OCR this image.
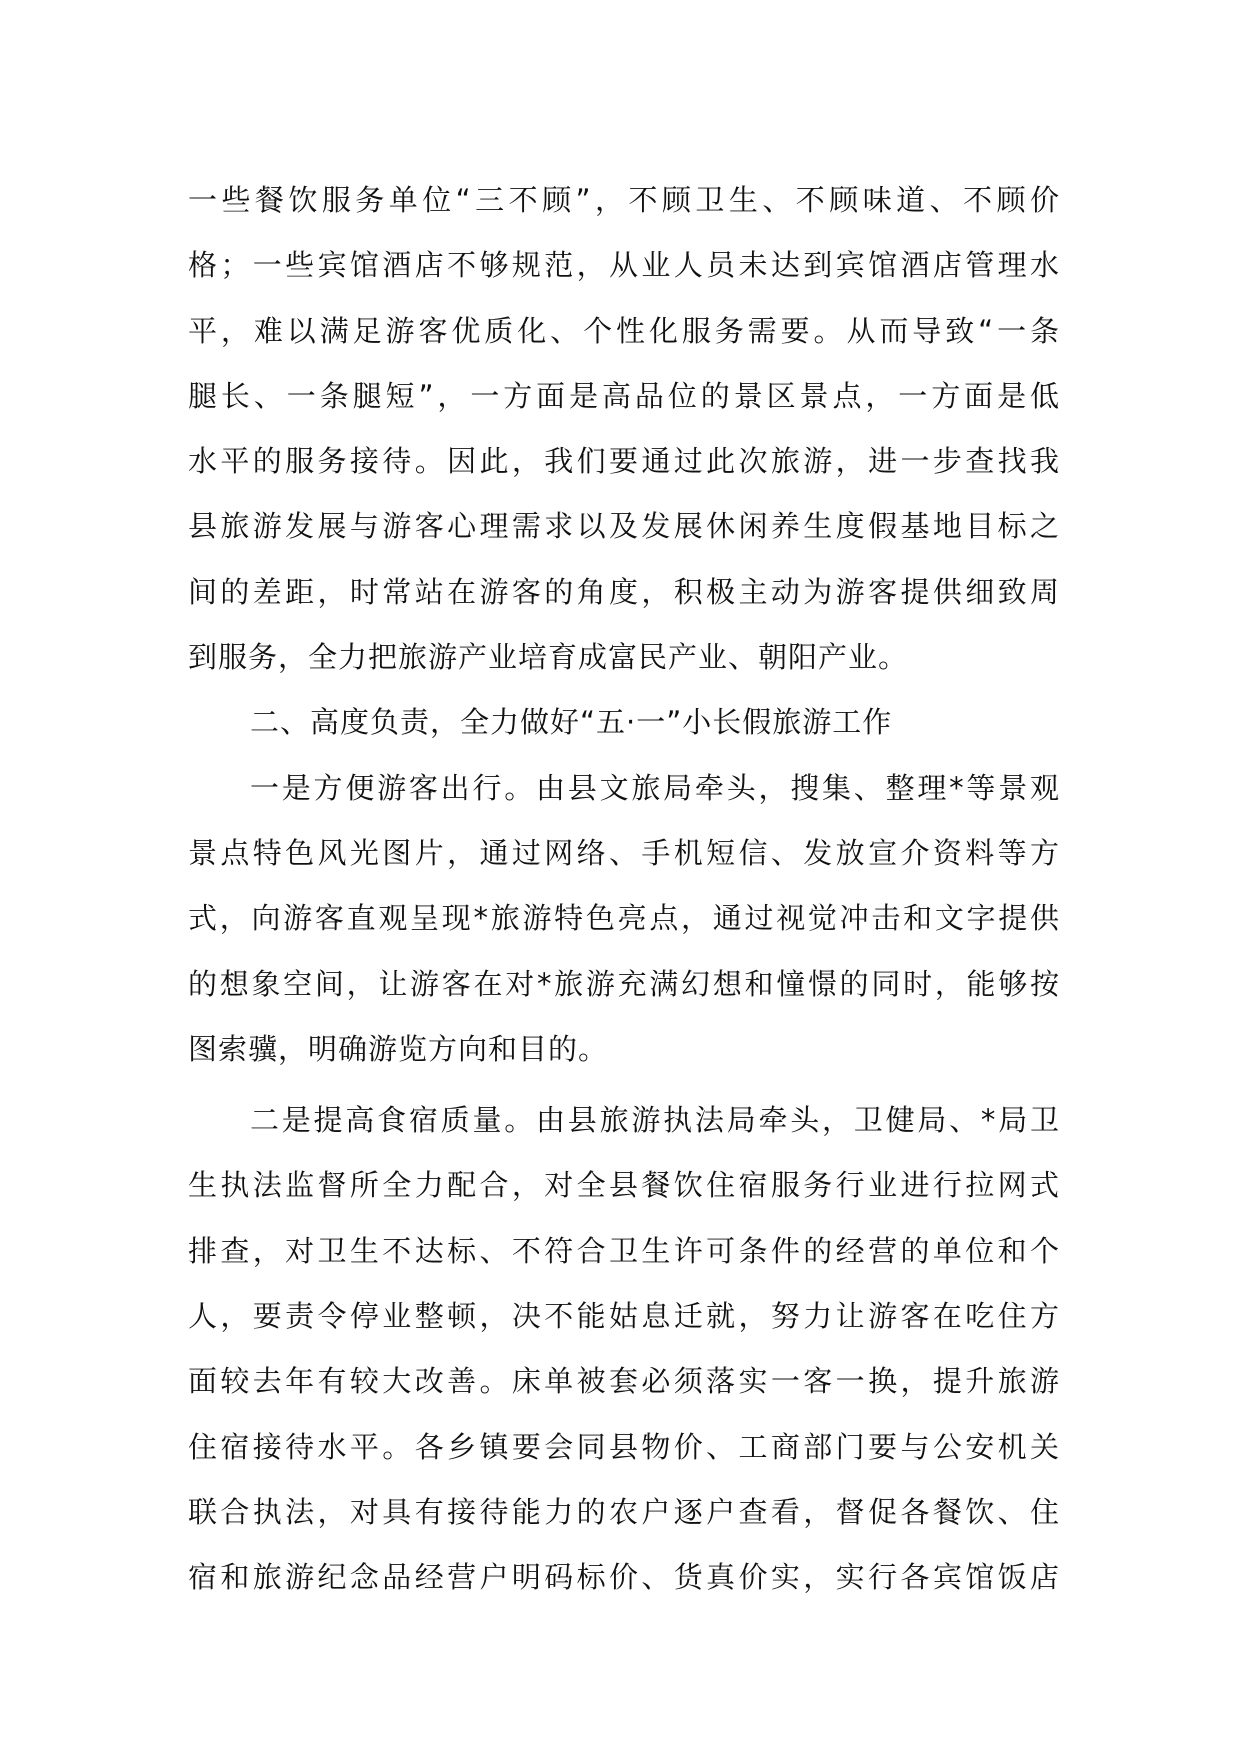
一些餐饮服务单位“三不顾”，不顾卫生、不顾味道、不顾价
格；一些宾馆酒店不够规范，从业人员未达到宾馆酒店管理水
平，难以满足游客优质化、个性化服务需要。从而导致“一条
腿长、一条腿短”，一方面是高品位的景区景点，一方面是低
水平的服务接待。因此，我们要通过此次旅游，进一步查找我
县旅游发展与游客心理需求以及发展休闲养生度假基地目标之
间的差距，时常站在游客的角度，积极主动为游客提供细致周
到服务，全力把旅游产业培育成富民产业、朝阳产业。
二、高度负责，全力做好“五·一”小长假旅游工作
一是方便游客出行。由县文旅局牵头，搜集、整理*等景观
景点特色风光图片，通过网络、手机短信、发放宣介资料等方
式，向游客直观呈现*旅游特色亮点，通过视觉冲击和文字提供
的想象空间，让游客在对*旅游充满幻想和憧憬的同时，能够按
图索骥，明确游览方向和目的。
二是提高食宿质量。由县旅游执法局牵头，卫健局、*局卫
生执法监督所全力配合，对全县餐饮住宿服务行业进行拉网式
排查，对卫生不达标、不符合卫生许可条件的经营的单位和个
人，要责令停业整顿，决不能姑息迁就，努力让游客在吃住方
面较去年有较大改善。床单被套必须落实一客一换，提升旅游
住宿接待水平。各乡镇要会同县物价、工商部门要与公安机关
联合执法，对具有接待能力的农户逐户查看，督促各餐饮、住
宿和旅游纪念品经营户明码标价、货真价实，实行各宾馆饭店
